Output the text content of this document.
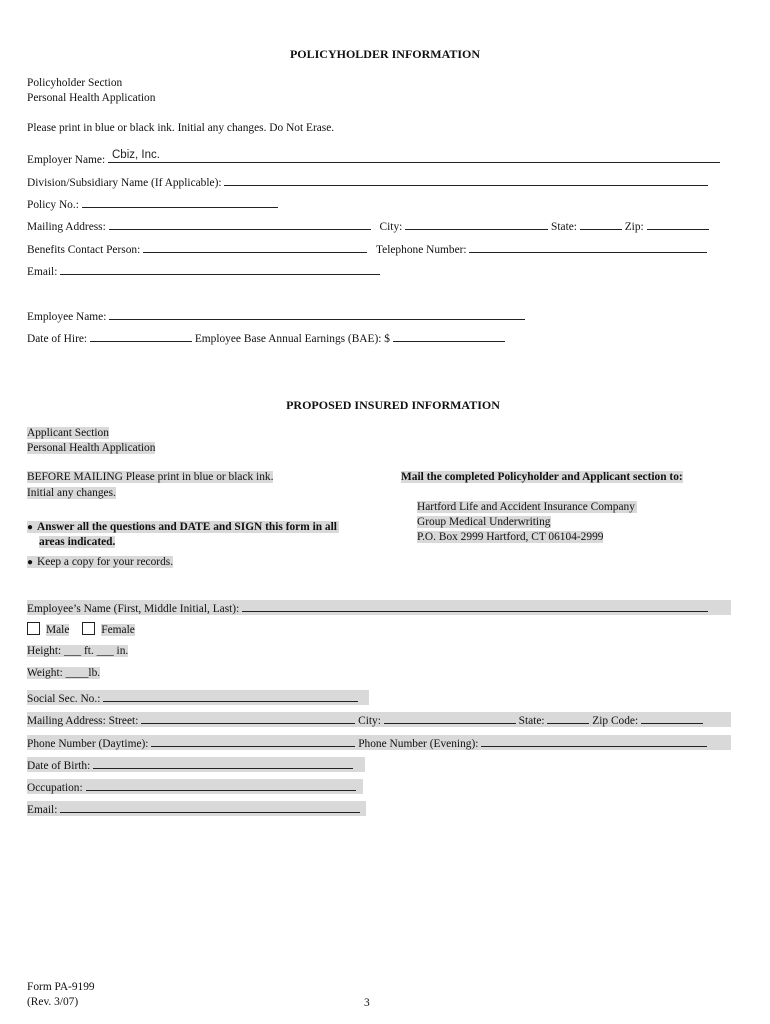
POLICYHOLDER INFORMATION
Policyholder Section
Personal Health Application
Please print in blue or black ink. Initial any changes. Do Not Erase.
Employer Name: Cbiz, Inc.
Division/Subsidiary Name (If Applicable):
Policy No.:
Mailing Address:	City:	State:	Zip:
Benefits Contact Person:	Telephone Number:
Email:
Employee Name:
Date of Hire:	Employee Base Annual Earnings (BAE): $
PROPOSED INSURED INFORMATION
Applicant Section
Personal Health Application
BEFORE MAILING Please print in blue or black ink.
Initial any changes.
● Answer all the questions and DATE and SIGN this form in all
areas indicated.
● Keep a copy for your records.
Mail the completed Policyholder and Applicant section to:
Hartford Life and Accident Insurance Company
Group Medical Underwriting
P.O. Box 2999 Hartford, CT 06104-2999
Employee’s Name (First, Middle Initial, Last):
Male	Female
Height: ___ ft. ___ in.
Weight: ____lb.
Social Sec. No.:
Mailing Address: Street:	City:	State:	Zip Code:
Phone Number (Daytime):	Phone Number (Evening):
Date of Birth:
Occupation:
Email:
Form PA-9199
(Rev. 3/07)	3
